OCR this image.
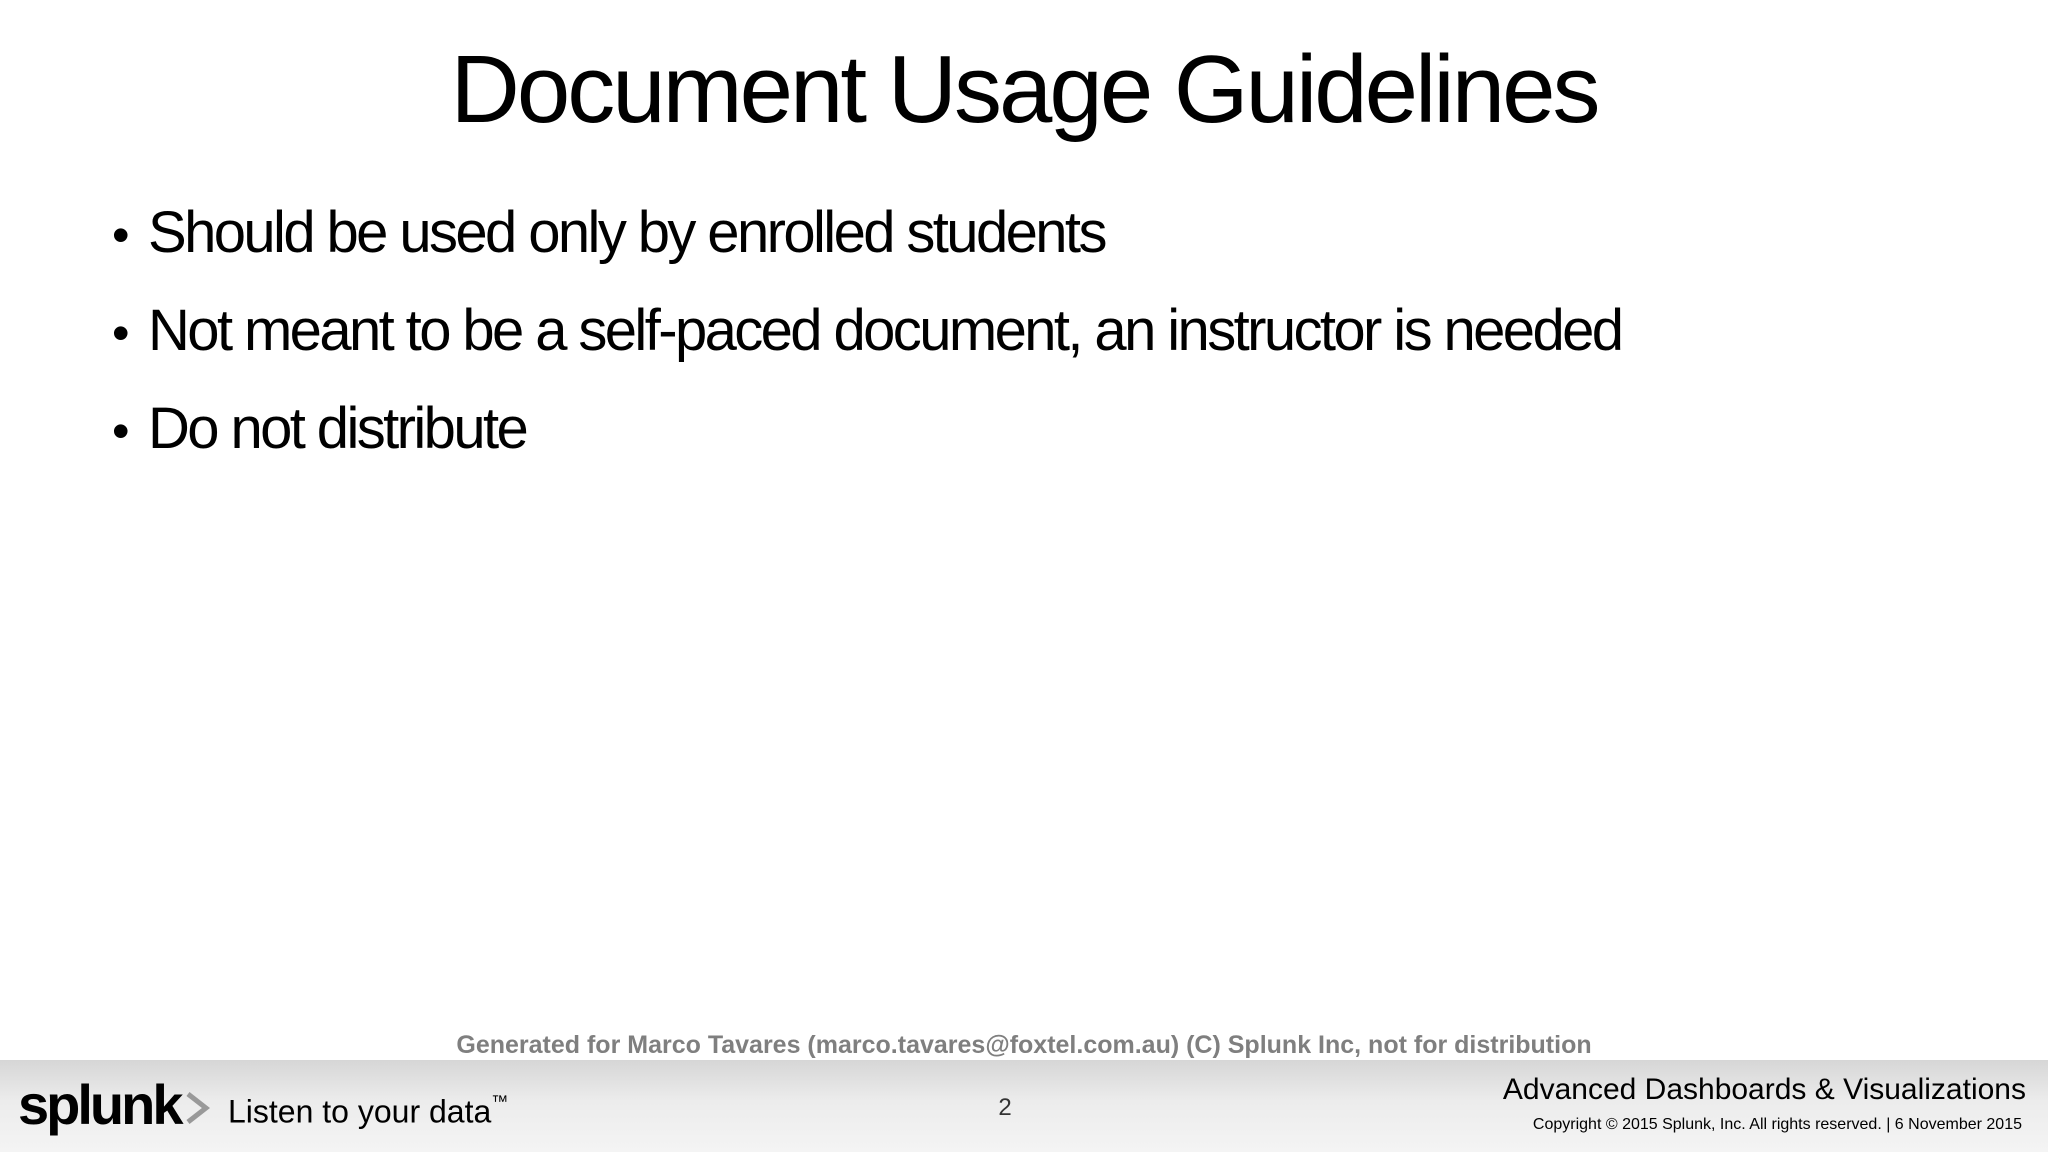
Document Usage Guidelines
• Should be used only by enrolled students
• Not meant to be a self-paced document, an instructor is needed
• Do not distribute
Generated for Marco Tavares (marco.tavares@foxtel.com.au) (C) Splunk Inc, not for distribution
splunk Listen to your data™	2
Advanced Dashboards & Visualizations
Copyright © 2015 Splunk, Inc. All rights reserved. | 6 November 2015
